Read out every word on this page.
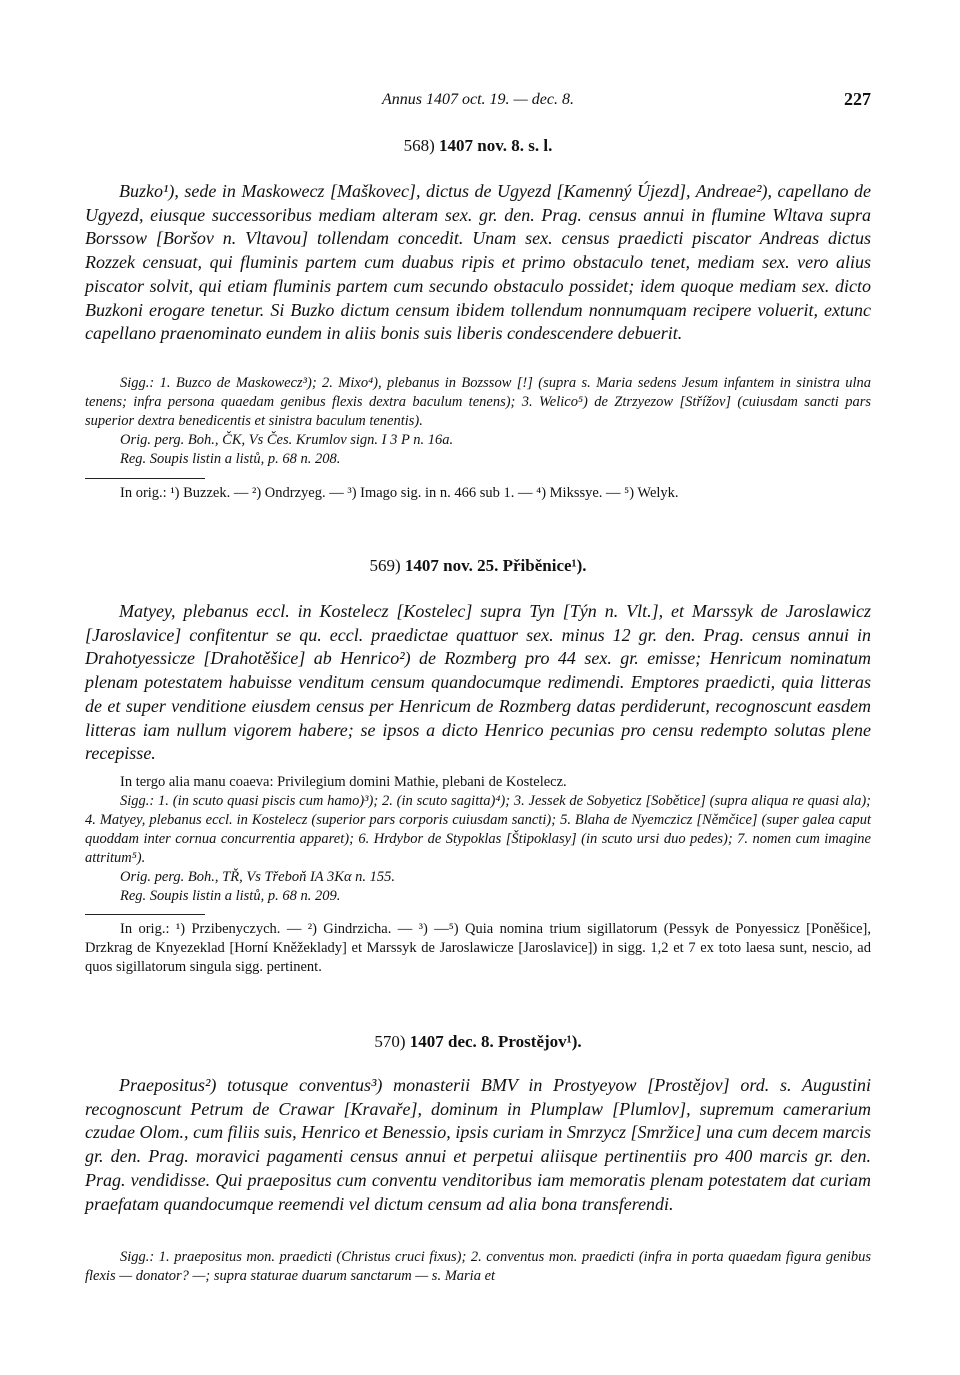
Annus 1407 oct. 19. — dec. 8.	227
568) 1407 nov. 8. s. l.

Buzko¹), sede in Maskowecz [Maškovec], dictus de Ugyezd [Kamenný Újezd], Andreae²), capellano de Ugyezd, eiusque successoribus mediam alteram sex. gr. den. Prag. census annui in flumine Wltava supra Borssow [Boršov n. Vltavou] tollendam concedit. Unam sex. census praedicti piscator Andreas dictus Rozzek censuat, qui fluminis partem cum duabus ripis et primo obstaculo tenet, mediam sex. vero alius piscator solvit, qui etiam fluminis partem cum secundo obstaculo possidet; idem quoque mediam sex. dicto Buzkoni erogare tenetur. Si Buzko dictum censum ibidem tollendum nonnumquam recipere voluerit, extunc capellano praenominato eundem in aliis bonis suis liberis condescendere debuerit.

Sigg.: 1. Buzco de Maskowecz³); 2. Mixo⁴), plebanus in Bozssow [!] (supra s. Maria sedens Jesum infantem in sinistra ulna tenens; infra persona quaedam genibus flexis dextra baculum tenens); 3. Welico⁵) de Ztrzyezow [Střížov] (cuiusdam sancti pars superior dextra benedicentis et sinistra baculum tenentis).

Orig. perg. Boh., ČK, Vs Čes. Krumlov sign. I 3 P n. 16a.

Reg. Soupis listin a listů, p. 68 n. 208.

In orig.: ¹) Buzzek. — ²) Ondrzyeg. — ³) Imago sig. in n. 466 sub 1. — ⁴) Mikssye. — ⁵) Welyk.

569) 1407 nov. 25. Přiběnice¹).

Matyey, plebanus eccl. in Kostelecz [Kostelec] supra Tyn [Týn n. Vlt.], et Marssyk de Jaroslawicz [Jaroslavice] confitentur se qu. eccl. praedictae quattuor sex. minus 12 gr. den. Prag. census annui in Drahotyessicze [Drahotěšice] ab Henrico²) de Rozmberg pro 44 sex. gr. emisse; Henricum nominatum plenam potestatem habuisse venditum censum quandocumque redimendi. Emptores praedicti, quia litteras de et super venditione eiusdem census per Henricum de Rozmberg datas perdiderunt, recognoscunt easdem litteras iam nullum vigorem habere; se ipsos a dicto Henrico pecunias pro censu redempto solutas plene recepisse.

In tergo alia manu coaeva: Privilegium domini Mathie, plebani de Kostelecz.

Sigg.: 1. (in scuto quasi piscis cum hamo)³); 2. (in scuto sagitta)⁴); 3. Jessek de Sobyeticz [Sobětice] (supra aliqua re quasi ala); 4. Matyey, plebanus eccl. in Kostelecz (superior pars corporis cuiusdam sancti); 5. Blaha de Nyemczicz [Němčice] (super galea caput quoddam inter cornua concurrentia apparet); 6. Hrdybor de Stypoklas [Štipoklasy] (in scuto ursi duo pedes); 7. nomen cum imagine attritum⁵).

Orig. perg. Boh., TŘ, Vs Třeboň IA 3Kα n. 155.

Reg. Soupis listin a listů, p. 68 n. 209.

In orig.: ¹) Przibenyczych. — ²) Gindrzicha. — ³) —⁵) Quia nomina trium sigillatorum (Pessyk de Ponyessicz [Poněšice], Drzkrag de Knyezeklad [Horní Kněžeklady] et Marssyk de Jaroslawicze [Jaroslavice]) in sigg. 1,2 et 7 ex toto laesa sunt, nescio, ad quos sigillatorum singula sigg. pertinent.

570) 1407 dec. 8. Prostějov¹).

Praepositus²) totusque conventus³) monasterii BMV in Prostyeyow [Prostějov] ord. s. Augustini recognoscunt Petrum de Crawar [Kravaře], dominum in Plumplaw [Plumlov], supremum camerarium czudae Olom., cum filiis suis, Henrico et Benessio, ipsis curiam in Smrzycz [Smržice] una cum decem marcis gr. den. Prag. moravici pagamenti census annui et perpetui aliisque pertinentiis pro 400 marcis gr. den. Prag. vendidisse. Qui praepositus cum conventu venditoribus iam memoratis plenam potestatem dat curiam praefatam quandocumque reemendi vel dictum censum ad alia bona transferendi.

Sigg.: 1. praepositus mon. praedicti (Christus cruci fixus); 2. conventus mon. praedicti (infra in porta quaedam figura genibus flexis — donator? —; supra staturae duarum sanctarum — s. Maria et
